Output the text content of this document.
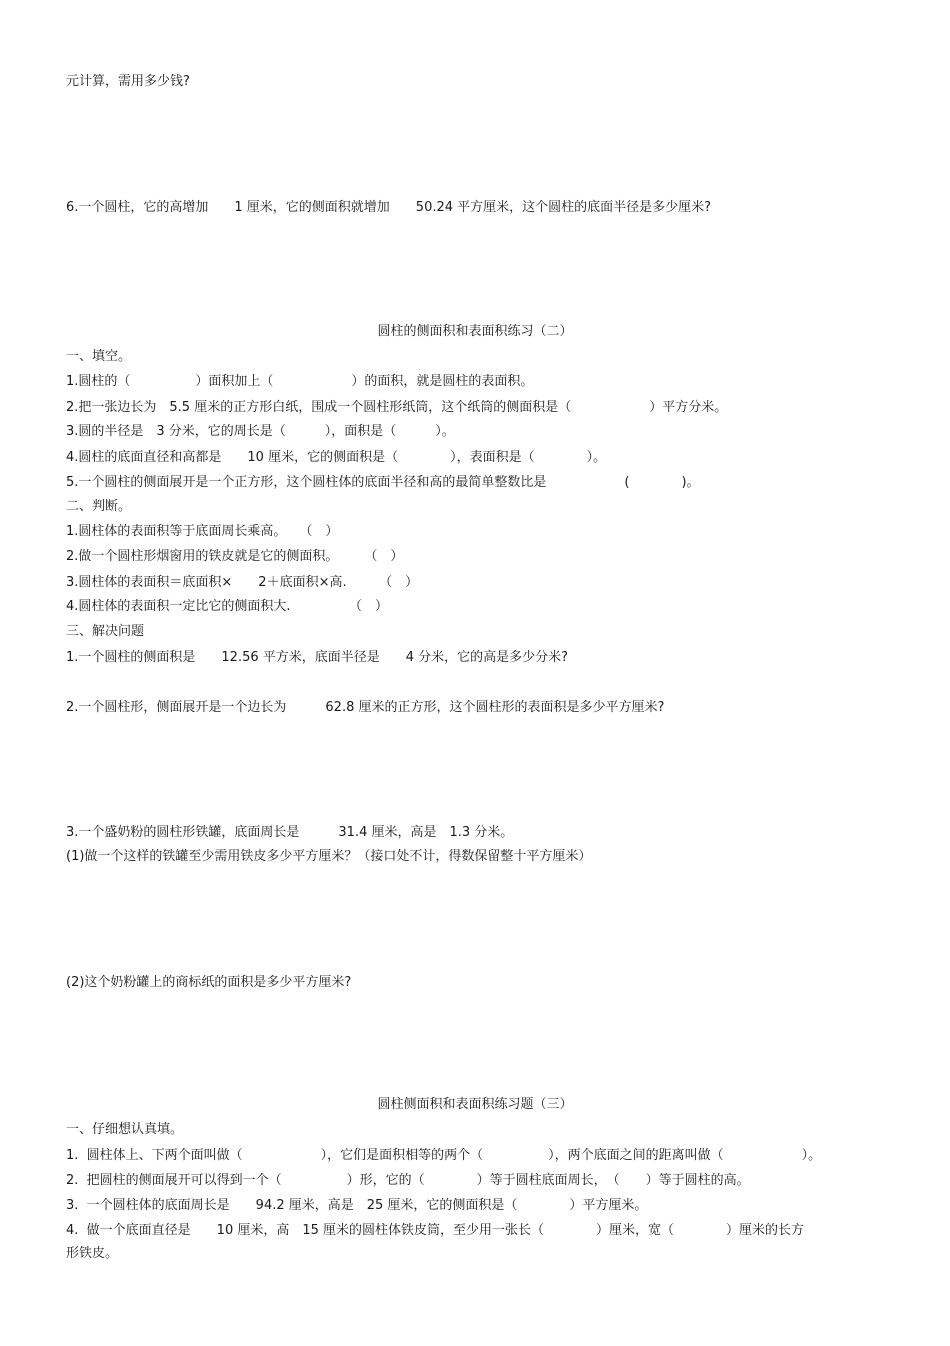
元计算，需用多少钱?
6.一个圆柱，它的高增加　　1 厘米，它的侧面积就增加　　50.24 平方厘米，这个圆柱的底面半径是多少厘米?
圆柱的侧面积和表面积练习（二）
一、填空。
1.圆柱的（　　　　　）面积加上（　　　　　　）的面积，就是圆柱的表面积。
2.把一张边长为　5.5 厘米的正方形白纸，围成一个圆柱形纸筒，这个纸筒的侧面积是（　　　　　　）平方分米。
3.圆的半径是　3 分米，它的周长是（　　　），面积是（　　　）。
4.圆柱的底面直径和高都是　　10 厘米，它的侧面积是（　　　　），表面积是（　　　　）。
5.一个圆柱的侧面展开是一个正方形，这个圆柱体的底面半径和高的最简单整数比是　　　　　　(　　　　)。
二、判断。
1.圆柱体的表面积等于底面周长乘高。　　（　）
2.做一个圆柱形烟窗用的铁皮就是它的侧面积。　　　（　）
3.圆柱体的表面积＝底面积×　　2＋底面积×高.　　　（　）
4.圆柱体的表面积一定比它的侧面积大.　　　　　（　）
三、解决问题
1.一个圆柱的侧面积是　　12.56 平方米，底面半径是　　4 分米，它的高是多少分米?
2.一个圆柱形，侧面展开是一个边长为　　　62.8 厘米的正方形，这个圆柱形的表面积是多少平方厘米?
3.一个盛奶粉的圆柱形铁罐，底面周长是　　　31.4 厘米，高是　1.3 分米。
(1)做一个这样的铁罐至少需用铁皮多少平方厘米？（接口处不计，得数保留整十平方厘米）
(2)这个奶粉罐上的商标纸的面积是多少平方厘米?
圆柱侧面积和表面积练习题（三）
一、仔细想认真填。
1.  圆柱体上、下两个面叫做（　　　　　　），它们是面积相等的两个（　　　　　），两个底面之间的距离叫做（　　　　　　）。
2.  把圆柱的侧面展开可以得到一个（　　　　　）形，它的（　　　　）等于圆柱底面周长，　（　　）等于圆柱的高。
3.  一个圆柱体的底面周长是　　94.2 厘米，高是　25 厘米，它的侧面积是（　　　　）平方厘米。
4.  做一个底面直径是　　10 厘米，高　15 厘米的圆柱体铁皮筒，至少用一张长（　　　　）厘米，宽（　　　　）厘米的长方
形铁皮。
